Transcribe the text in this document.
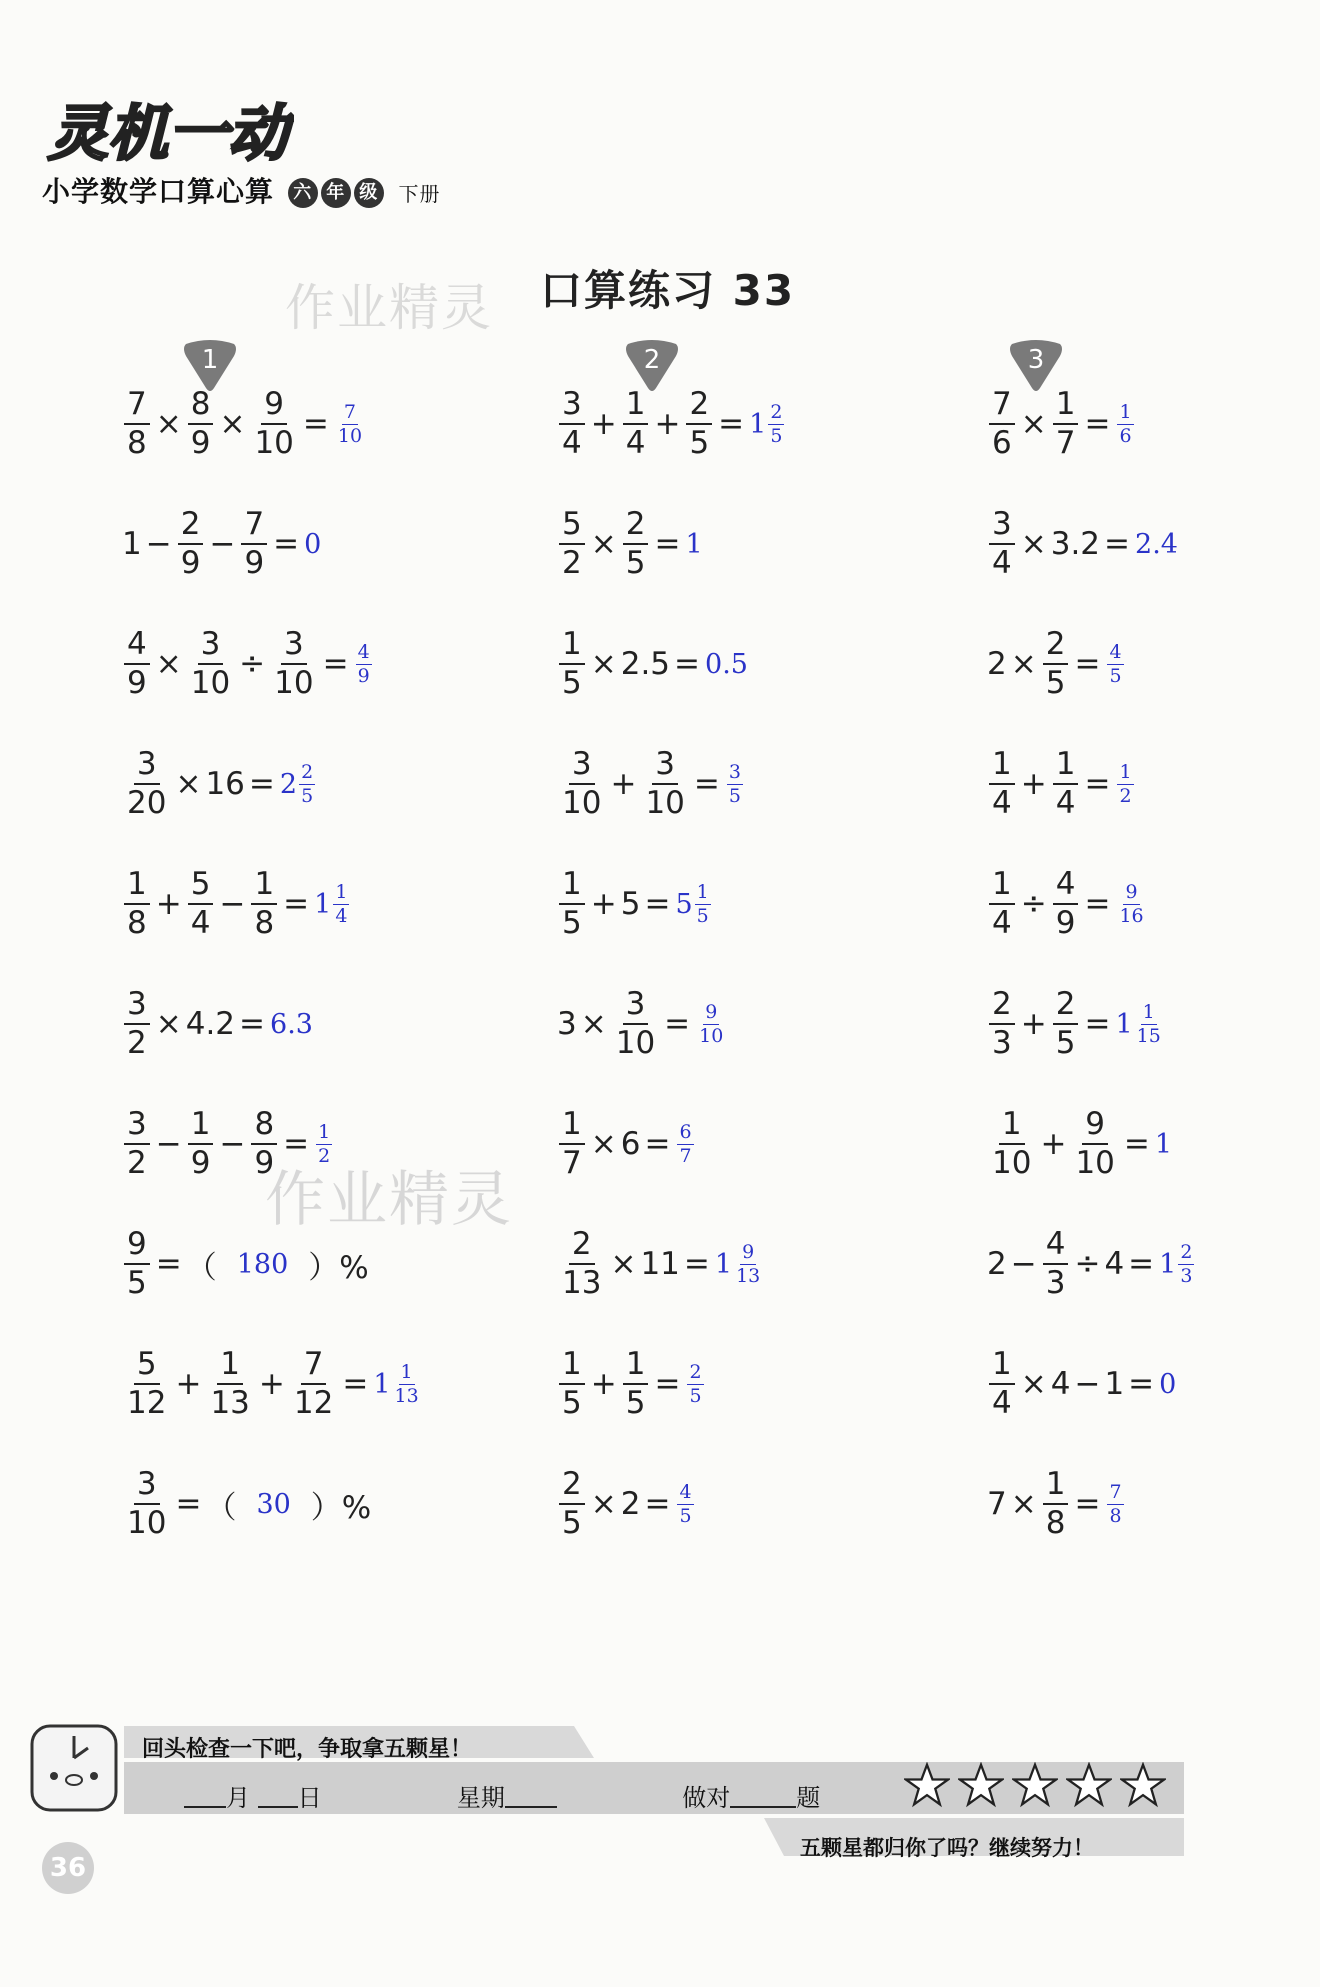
灵机一动
小学数学口算心算 六 年 级 下册
作业精灵 口算练习 33
1
$\frac{7}{8} \times \frac{8}{9} \times \frac{9}{10} = \frac{7}{10}$
$1 - \frac{2}{9} - \frac{7}{9} = 0$
$\frac{4}{9} \times \frac{3}{10} \div \frac{3}{10} = \frac{4}{9}$
$\frac{3}{20} \times 16 = 2 \frac{2}{5}$
$\frac{1}{8} + \frac{5}{4} - \frac{1}{8} = 1 \frac{1}{4}$
$\frac{3}{2} \times 4.2 = 6.3$
$\frac{3}{2} - \frac{1}{9} - \frac{8}{9} = \frac{1}{2}$
$\frac{9}{5}$ = （ 180 ）%
$\frac{5}{12} + \frac{1}{13} + \frac{7}{12} = 1 \frac{1}{13}$
$\frac{3}{10}$ = （ 30 ）%
2
$\frac{3}{4} + \frac{1}{4} + \frac{2}{5} = 1 \frac{2}{5}$
$\frac{5}{2} \times \frac{2}{5} = 1$
$\frac{1}{5} \times 2.5 = 0.5$
$\frac{3}{10} + \frac{3}{10} = \frac{3}{5}$
$\frac{1}{5} + 5 = 5 \frac{1}{5}$
$3 \times \frac{3}{10} = \frac{9}{10}$
$\frac{1}{7} \times 6 = \frac{6}{7}$
$\frac{2}{13} \times 11 = 1 \frac{9}{13}$
$\frac{1}{5} + \frac{1}{5} = \frac{2}{5}$
$\frac{2}{5} \times 2 = \frac{4}{5}$
3
$\frac{7}{6} \times \frac{1}{7} = \frac{1}{6}$
$\frac{3}{4} \times 3.2 = 2.4$
$2 \times \frac{2}{5} = \frac{4}{5}$
$\frac{1}{4} + \frac{1}{4} = \frac{1}{2}$
$\frac{1}{4} \div \frac{4}{9} = \frac{9}{16}$
$\frac{2}{3} + \frac{2}{5} = 1 \frac{1}{15}$
$\frac{1}{10} + \frac{9}{10} = 1$
$2 - \frac{4}{3} \div 4 = 1 \frac{2}{3}$
$\frac{1}{4} \times 4 - 1 = 0$
$7 \times \frac{1}{8} = \frac{7}{8}$
作业精灵
回头检查一下吧，争取拿五颗星！
月 日	星期	做对	题
五颗星都归你了吗？继续努力！
36
